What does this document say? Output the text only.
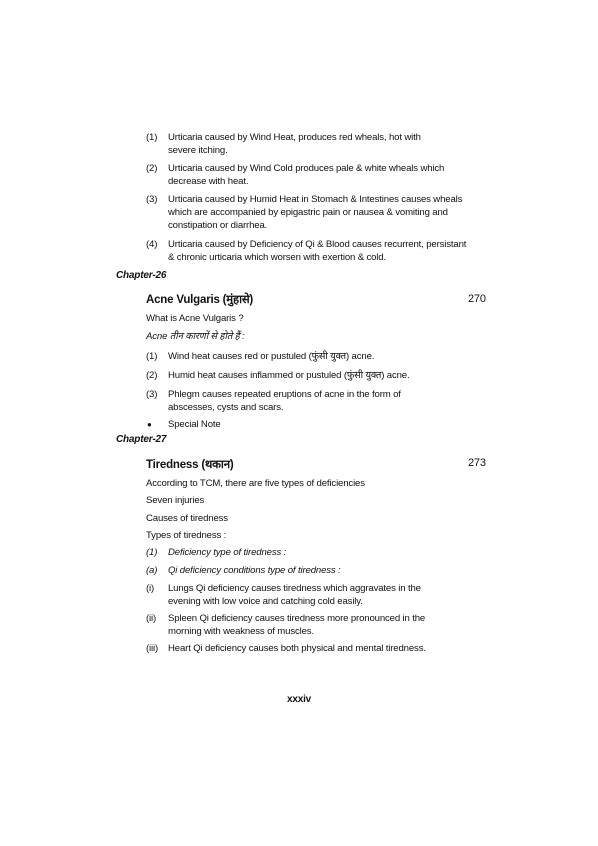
(1) Urticaria caused by Wind Heat, produces red wheals, hot with severe itching.
(2) Urticaria caused by Wind Cold produces pale & white wheals which decrease with heat.
(3) Urticaria caused by Humid Heat in Stomach & Intestines causes wheals which are accompanied by epigastric pain or nausea & vomiting and constipation or diarrhea.
(4) Urticaria caused by Deficiency of Qi & Blood causes recurrent, persistant & chronic urticaria which worsen with exertion & cold.
Chapter-26
Acne Vulgaris (मुंहासे)	270
What is Acne Vulgaris ?
Acne तीन कारणों से होते हैं :
(1) Wind heat causes red or pustuled (फुंसी युक्त) acne.
(2) Humid heat causes inflammed or pustuled (फुंसी युक्त) acne.
(3) Phlegm causes repeated eruptions of acne in the form of abscesses, cysts and scars.
● Special Note
Chapter-27
Tiredness (थकान)	273
According to TCM, there are five types of deficiencies
Seven injuries
Causes of tiredness
Types of tiredness :
(1) Deficiency type of tiredness :
(a) Qi deficiency conditions type of tiredness :
(i) Lungs Qi deficiency causes tiredness which aggravates in the evening with low voice and catching cold easily.
(ii) Spleen Qi deficiency causes tiredness more pronounced in the morning with weakness of muscles.
(iii) Heart Qi deficiency causes both physical and mental tiredness.
xxxiv
